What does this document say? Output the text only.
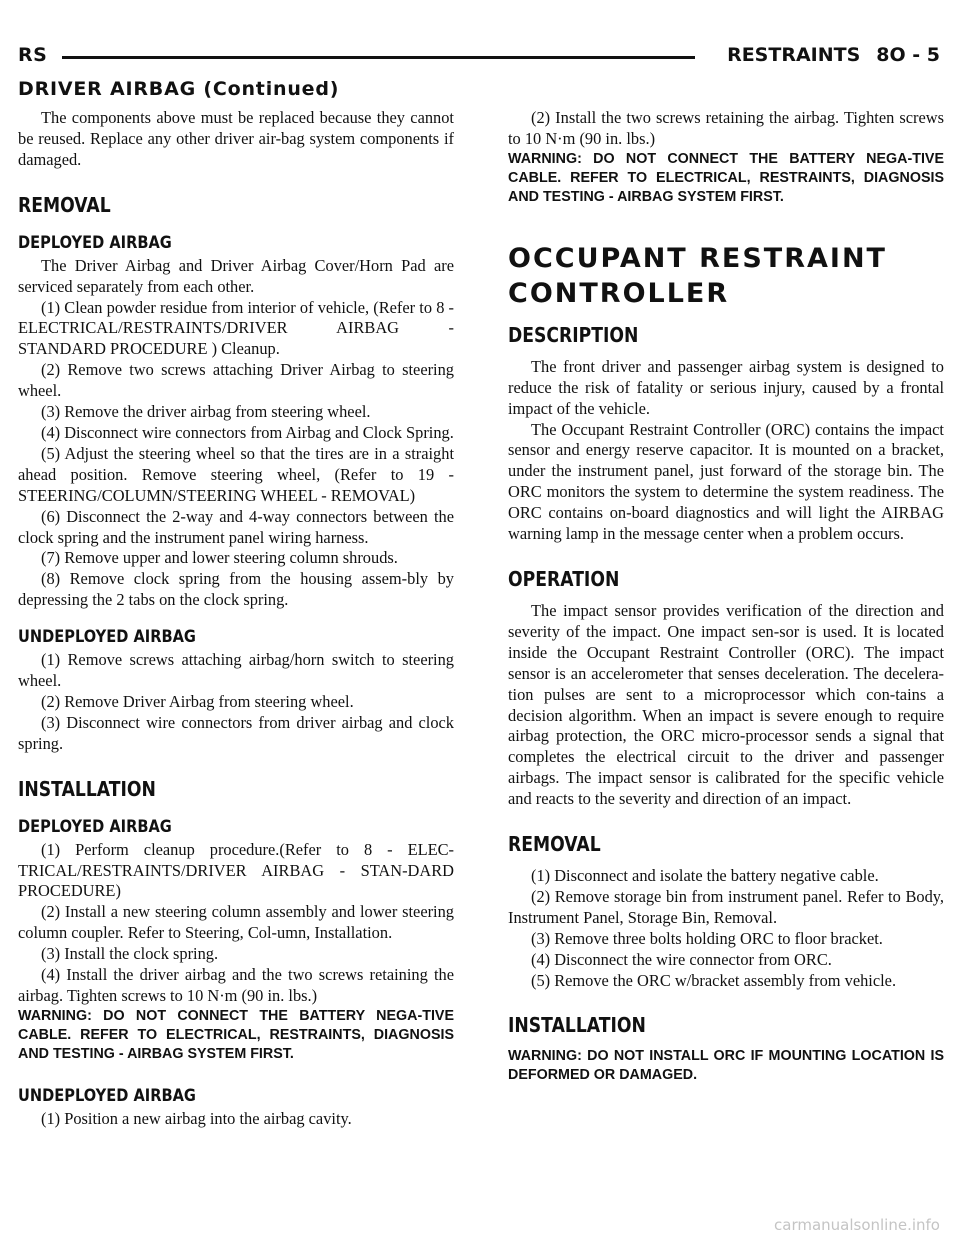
RS	RESTRAINTS 8O - 5
DRIVER AIRBAG (Continued)

The components above must be replaced because they cannot be reused. Replace any other driver air-bag system components if damaged.

REMOVAL
DEPLOYED AIRBAG

The Driver Airbag and Driver Airbag Cover/Horn Pad are serviced separately from each other.

(1) Clean powder residue from interior of vehicle, (Refer to 8 - ELECTRICAL/RESTRAINTS/DRIVER AIRBAG - STANDARD PROCEDURE ) Cleanup.

(2) Remove two screws attaching Driver Airbag to steering wheel.

(3) Remove the driver airbag from steering wheel.

(4) Disconnect wire connectors from Airbag and Clock Spring.

(5) Adjust the steering wheel so that the tires are in a straight ahead position. Remove steering wheel, (Refer to 19 - STEERING/COLUMN/STEERING WHEEL - REMOVAL)

(6) Disconnect the 2-way and 4-way connectors between the clock spring and the instrument panel wiring harness.

(7) Remove upper and lower steering column shrouds.

(8) Remove clock spring from the housing assem-bly by depressing the 2 tabs on the clock spring.

UNDEPLOYED AIRBAG

(1) Remove screws attaching airbag/horn switch to steering wheel.

(2) Remove Driver Airbag from steering wheel.

(3) Disconnect wire connectors from driver airbag and clock spring.

INSTALLATION
DEPLOYED AIRBAG

(1) Perform cleanup procedure.(Refer to 8 - ELEC-TRICAL/RESTRAINTS/DRIVER AIRBAG - STAN-DARD PROCEDURE)

(2) Install a new steering column assembly and lower steering column coupler. Refer to Steering, Col-umn, Installation.

(3) Install the clock spring.

(4) Install the driver airbag and the two screws retaining the airbag. Tighten screws to 10 N·m (90 in. lbs.)

WARNING: DO NOT CONNECT THE BATTERY NEGA-TIVE CABLE. REFER TO ELECTRICAL, RESTRAINTS, DIAGNOSIS AND TESTING - AIRBAG SYSTEM FIRST.

UNDEPLOYED AIRBAG

(1) Position a new airbag into the airbag cavity.

(2) Install the two screws retaining the airbag. Tighten screws to 10 N·m (90 in. lbs.)

WARNING: DO NOT CONNECT THE BATTERY NEGA-TIVE CABLE. REFER TO ELECTRICAL, RESTRAINTS, DIAGNOSIS AND TESTING - AIRBAG SYSTEM FIRST.

OCCUPANT RESTRAINT CONTROLLER
DESCRIPTION

The front driver and passenger airbag system is designed to reduce the risk of fatality or serious injury, caused by a frontal impact of the vehicle.

The Occupant Restraint Controller (ORC) contains the impact sensor and energy reserve capacitor. It is mounted on a bracket, under the instrument panel, just forward of the storage bin. The ORC monitors the system to determine the system readiness. The ORC contains on-board diagnostics and will light the AIRBAG warning lamp in the message center when a problem occurs.

OPERATION

The impact sensor provides verification of the direction and severity of the impact. One impact sen-sor is used. It is located inside the Occupant Restraint Controller (ORC). The impact sensor is an accelerometer that senses deceleration. The decelera-tion pulses are sent to a microprocessor which con-tains a decision algorithm. When an impact is severe enough to require airbag protection, the ORC micro-processor sends a signal that completes the electrical circuit to the driver and passenger airbags. The impact sensor is calibrated for the specific vehicle and reacts to the severity and direction of an impact.

REMOVAL

(1) Disconnect and isolate the battery negative cable.

(2) Remove storage bin from instrument panel. Refer to Body, Instrument Panel, Storage Bin, Removal.

(3) Remove three bolts holding ORC to floor bracket.

(4) Disconnect the wire connector from ORC.

(5) Remove the ORC w/bracket assembly from vehicle.

INSTALLATION

WARNING: DO NOT INSTALL ORC IF MOUNTING LOCATION IS DEFORMED OR DAMAGED.

carmanualsonline.info
